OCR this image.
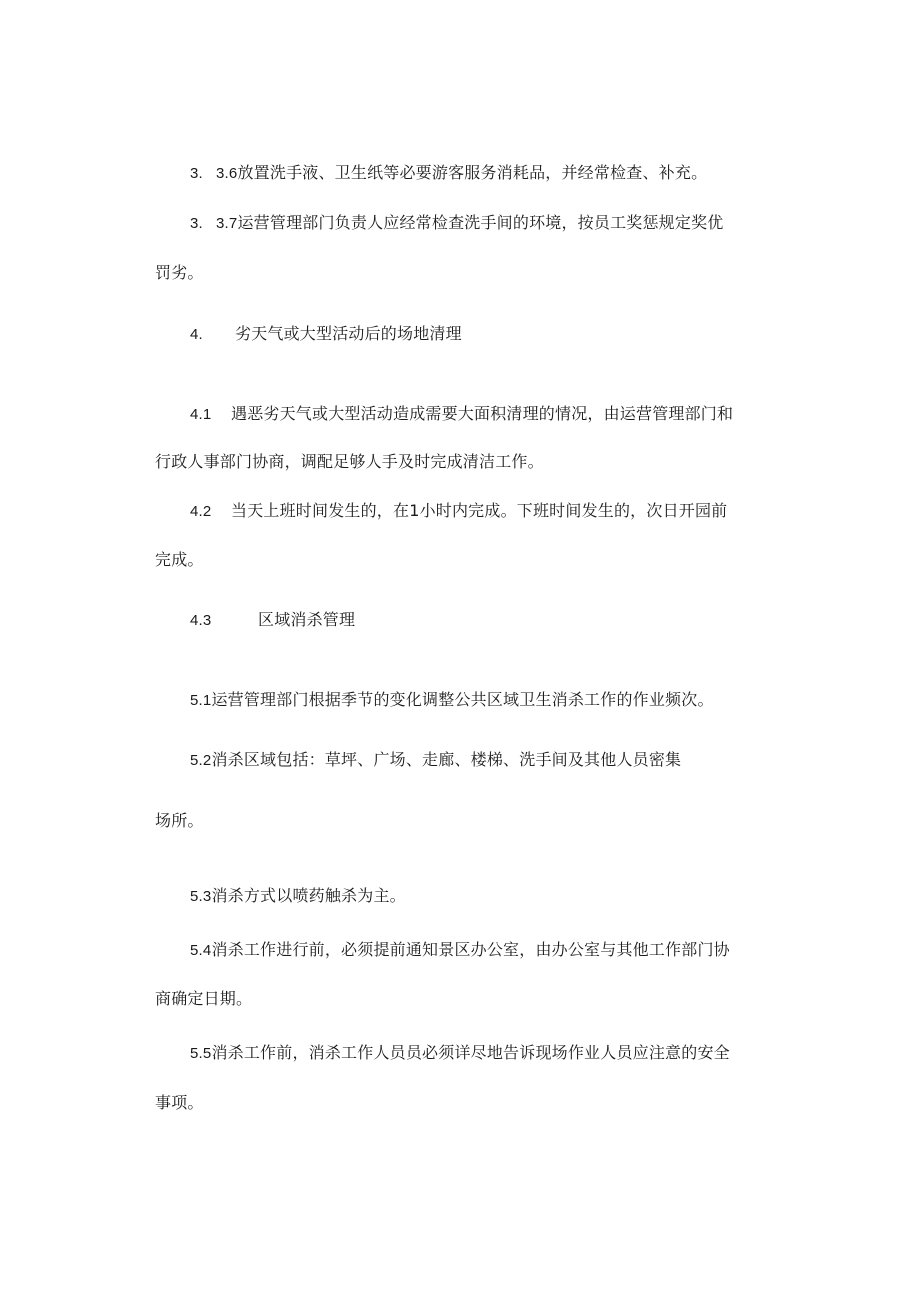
3.   3.6放置洗手液、卫生纸等必要游客服务消耗品，并经常检查、补充。
3.   3.7运营管理部门负责人应经常检查洗手间的环境，按员工奖惩规定奖优
罚劣。
4. 劣天气或大型活动后的场地清理
4.1 遇恶劣天气或大型活动造成需要大面积清理的情况，由运营管理部门和
行政人事部门协商，调配足够人手及时完成清洁工作。
4.2 当天上班时间发生的，在1小时内完成。下班时间发生的，次日开园前
完成。
4.3	区域消杀管理
5.1运营管理部门根据季节的变化调整公共区域卫生消杀工作的作业频次。
5.2消杀区域包括：草坪、广场、走廊、楼梯、洗手间及其他人员密集
场所。
5.3消杀方式以喷药触杀为主。
5.4消杀工作进行前，必须提前通知景区办公室，由办公室与其他工作部门协
商确定日期。
5.5消杀工作前，消杀工作人员员必须详尽地告诉现场作业人员应注意的安全
事项。
